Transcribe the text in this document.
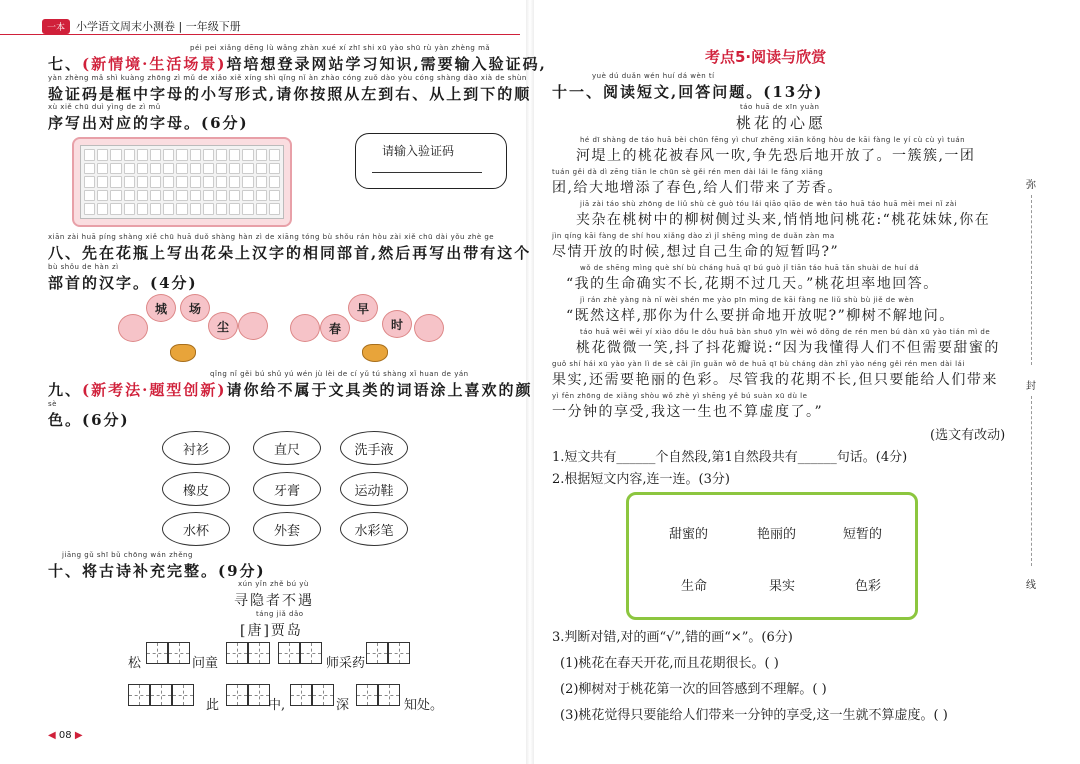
一本	小学语文周末小测卷 | 一年级下册
péi pei xiǎng dēng lù wǎng zhàn xué xí zhī shi xū yào shū rù yàn zhèng mǎ
七、(新情境·生活场景)培培想登录网站学习知识,需要输入验证码,
yàn zhèng mǎ shì kuàng zhōng zì mǔ de xiǎo xiě xíng shì qǐng nǐ àn zhào cóng zuǒ dào yòu cóng shàng dào xià de shùn
验证码是框中字母的小写形式,请你按照从左到右、从上到下的顺
xù xiě chū duì yìng de zì mǔ
序写出对应的字母。(6分)
请输入验证码
xiān zài huā píng shàng xiě chū huā duǒ shàng hàn zì de xiāng tóng bù shǒu rán hòu zài xiě chū dài yǒu zhè ge
八、先在花瓶上写出花朵上汉字的相同部首,然后再写出带有这个
bù shǒu de hàn zì
部首的汉字。(4分)
城	场
尘	春
早
时
qǐng nǐ gěi bú shǔ yú wén jù lèi de cí yǔ tú shàng xǐ huan de yán
九、(新考法·题型创新)请你给不属于文具类的词语涂上喜欢的颜
sè
色。(6分)
衬衫	直尺	洗手液
橡皮	牙膏	运动鞋
水杯	外套	水彩笔
jiāng gǔ shī bǔ chōng wán zhěng
十、将古诗补充完整。(9分)
xún yǐn zhě bú yù
寻隐者不遇
táng jiǎ dǎo
[唐]贾岛
松	问童	师采药
此	中,	深	知处。
◀ 08 ▶
考点5·阅读与欣赏
yuè dú duǎn wén huí dá wèn tí
十一、阅读短文,回答问题。(13分)
táo huā de xīn yuàn
桃花的心愿
hé dī shàng de táo huā bèi chūn fēng yì chuī zhēng xiān kǒng hòu de kāi fàng le yí cù cù yì tuán
河堤上的桃花被春风一吹,争先恐后地开放了。一簇簇,一团
tuán gěi dà dì zēng tiān le chūn sè gěi rén men dài lái le fāng xiāng
团,给大地增添了春色,给人们带来了芳香。
jiā zài táo shù zhōng de liǔ shù cè guò tóu lái qiāo qiāo de wèn táo huā táo huā mèi mei nǐ zài
夹杂在桃树中的柳树侧过头来,悄悄地问桃花:“桃花妹妹,你在
jìn qíng kāi fàng de shí hou xiǎng dào zì jǐ shēng mìng de duǎn zàn ma
尽情开放的时候,想过自己生命的短暂吗?”
wǒ de shēng mìng què shí bù cháng huā qī bú guò jǐ tiān táo huā tǎn shuài de huí dá
“我的生命确实不长,花期不过几天。”桃花坦率地回答。
jì rán zhè yàng nà nǐ wèi shén me yào pīn mìng de kāi fàng ne liǔ shù bù jiě de wèn
“既然这样,那你为什么要拼命地开放呢?”柳树不解地问。
táo huā wēi wēi yí xiào dǒu le dǒu huā bàn shuō yīn wèi wǒ dǒng de rén men bú dàn xū yào tián mì de
桃花微微一笑,抖了抖花瓣说:“因为我懂得人们不但需要甜蜜的
guǒ shí hái xū yào yàn lì de sè cǎi jǐn guǎn wǒ de huā qī bù cháng dàn zhǐ yào néng gěi rén men dài lái
果实,还需要艳丽的色彩。尽管我的花期不长,但只要能给人们带来
yì fēn zhōng de xiǎng shòu wǒ zhè yì shēng yě bú suàn xū dù le
一分钟的享受,我这一生也不算虚度了。”
(选文有改动)
1.短文共有______个自然段,第1自然段共有______句话。(4分)
2.根据短文内容,连一连。(3分)
甜蜜的	艳丽的	短暂的
生命	果实	色彩
3.判断对错,对的画“√”,错的画“×”。(6分)
(1)桃花在春天开花,而且花期很长。( )
(2)柳树对于桃花第一次的回答感到不理解。( )
(3)桃花觉得只要能给人们带来一分钟的享受,这一生就不算虚度。( )
弥
封
线
